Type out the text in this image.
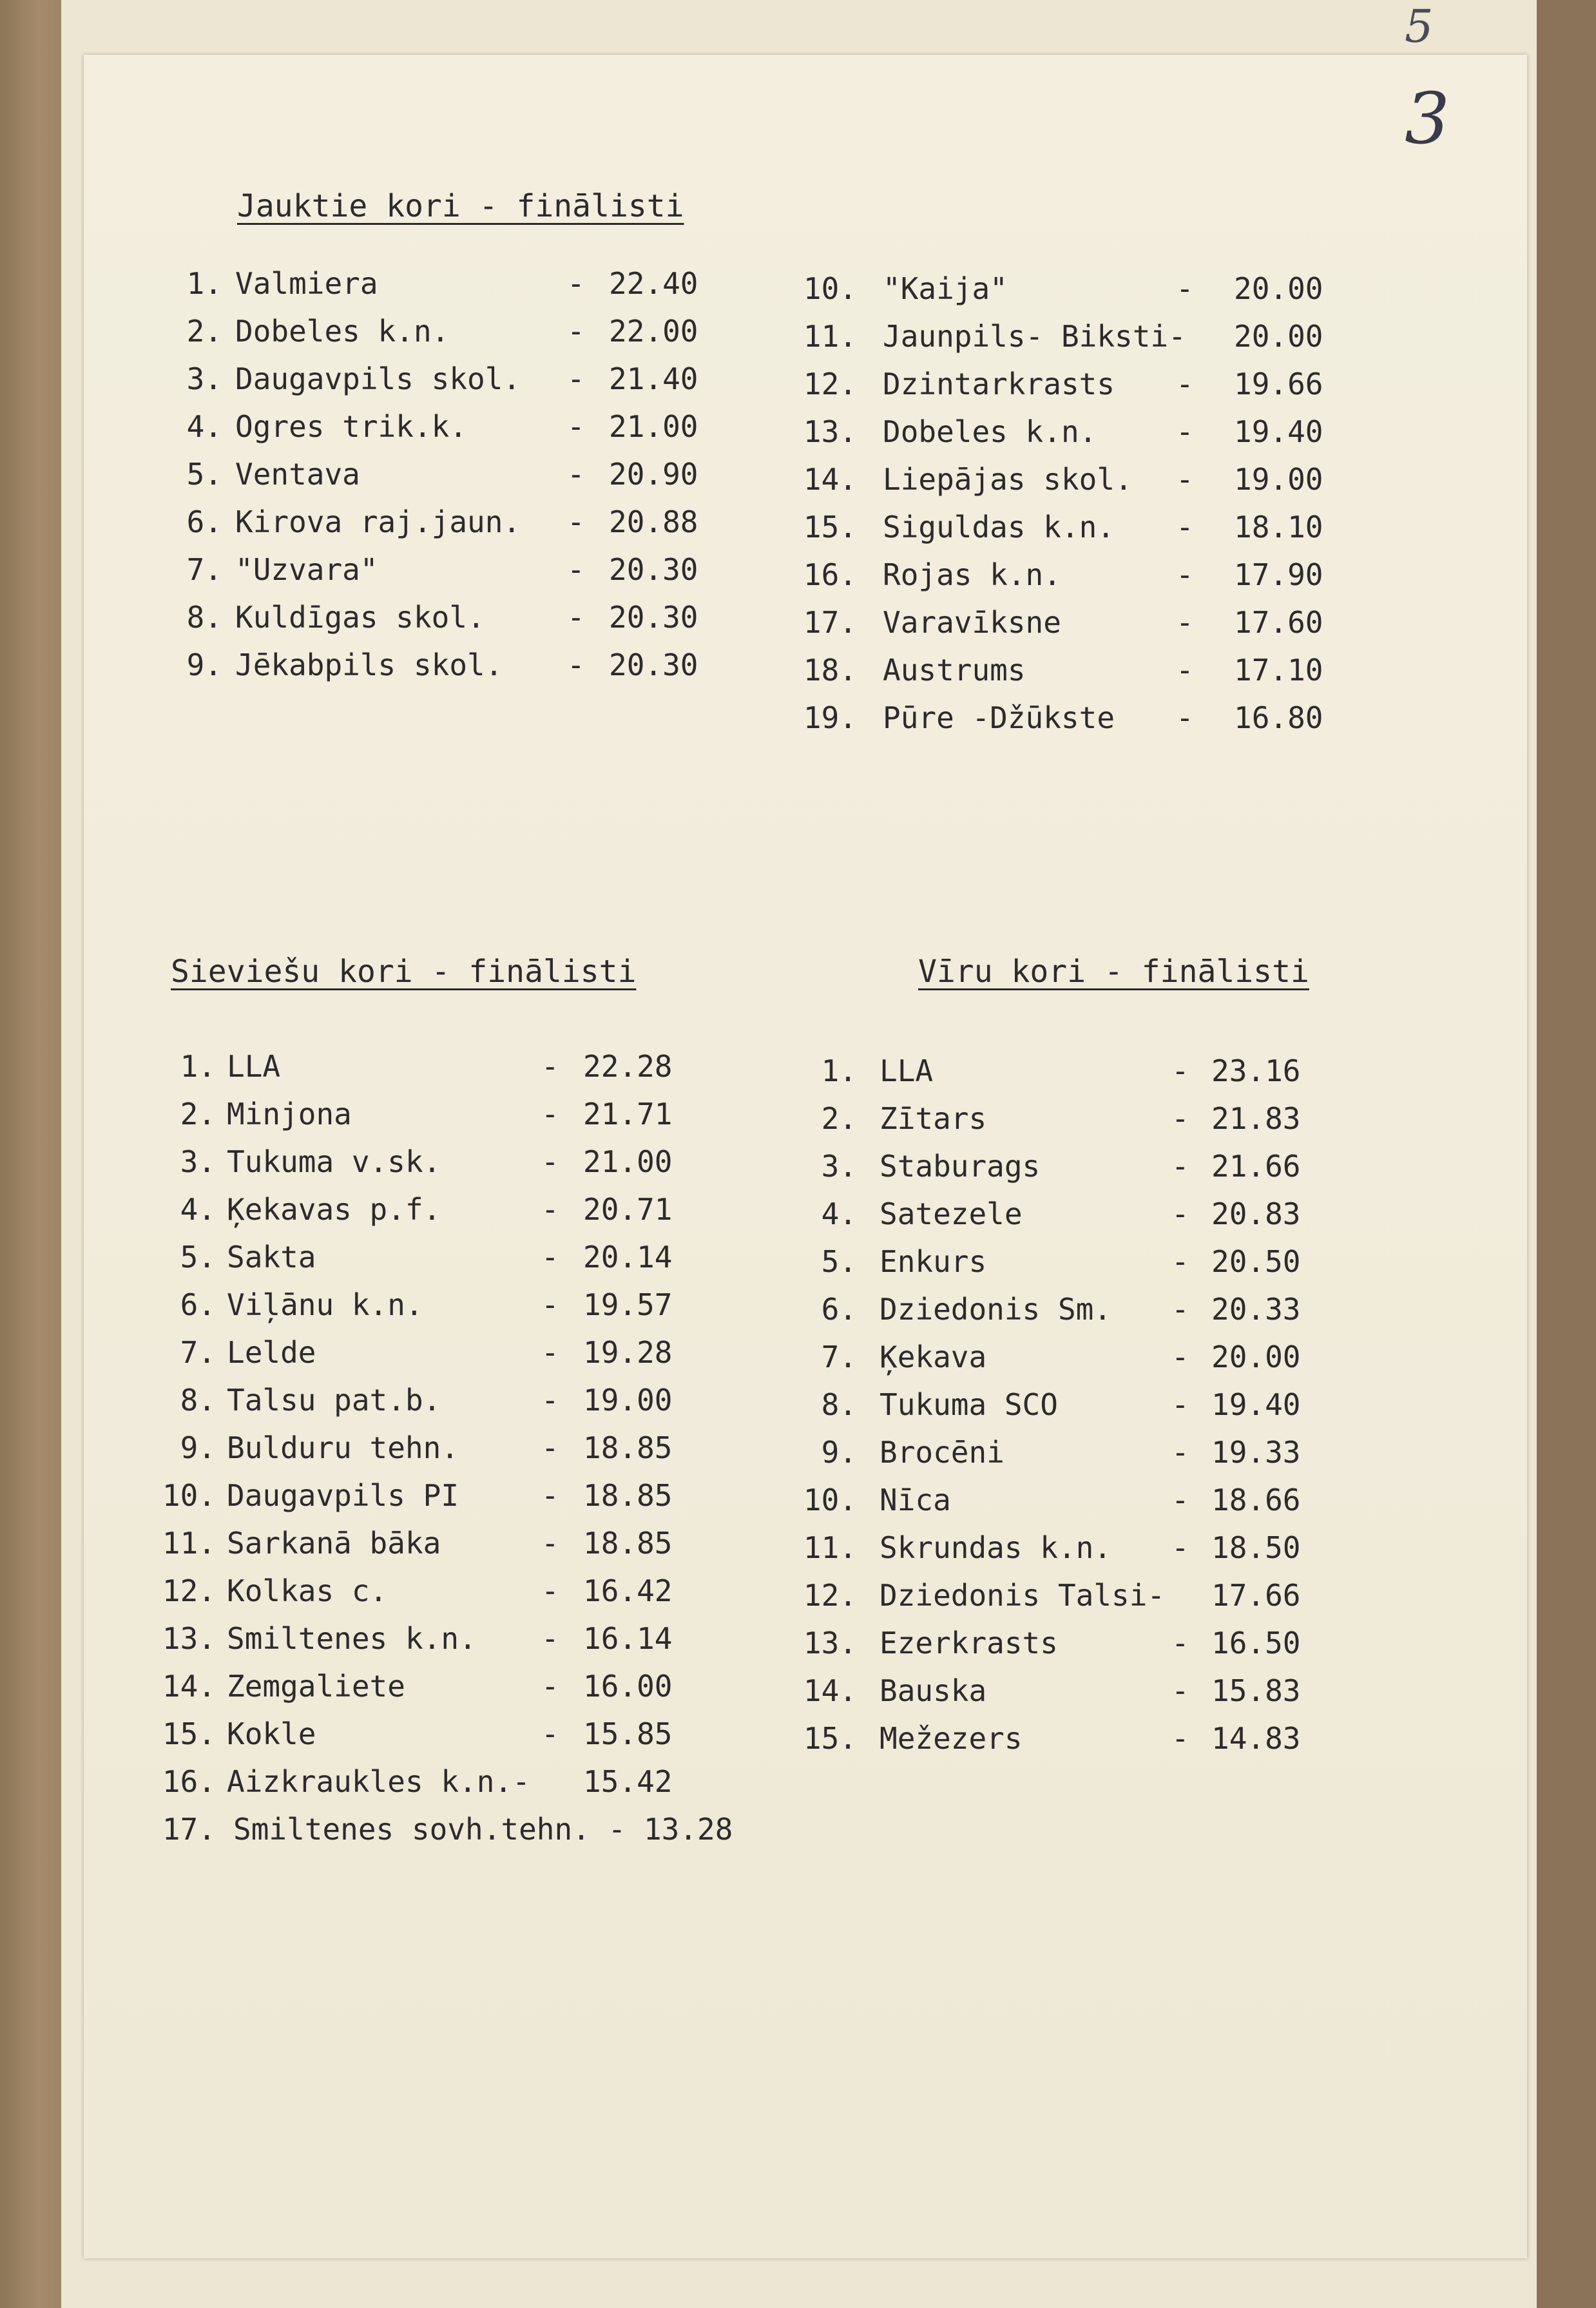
5
3
Jauktie kori - finālisti
Sieviešu kori - finālisti	Vīru kori - finālisti
1. Valmiera	- 22.40
2. Dobeles k.n.	- 22.00
3. Daugavpils skol. - 21.40
4. Ogres trik.k.	- 21.00
5. Ventava	- 20.90
6. Kirova raj.jaun. - 20.88
7. "Uzvara"	- 20.30
8. Kuldīgas skol.	- 20.30
9. Jēkabpils skol. - 20.30
10. "Kaija"	- 20.00
11. Jaunpils- Biksti- 20.00
12. Dzintarkrasts - 19.66
13. Dobeles k.n.	- 19.40
14. Liepājas skol. - 19.00
15. Siguldas k.n. - 18.10
16. Rojas k.n.	- 17.90
17. Varavīksne	- 17.60
18. Austrums	- 17.10
19. Pūre -Džūkste - 16.80
1. LLA	- 22.28
2. Minjona	- 21.71
3. Tukuma v.sk.	- 21.00
4. Ķekavas p.f.	- 20.71
5. Sakta	- 20.14
6. Viļānu k.n.	- 19.57
7. Lelde	- 19.28
8. Talsu pat.b.	- 19.00
9. Bulduru tehn.	- 18.85
10. Daugavpils PI	- 18.85
11. Sarkanā bāka	- 18.85
12. Kolkas c.	- 16.42
13. Smiltenes k.n. - 16.14
14. Zemgaliete	- 16.00
15. Kokle	- 15.85
16. Aizkraukles k.n.- 15.42
1. LLA	- 23.16
2. Zītars	- 21.83
3. Staburags	- 21.66
4. Satezele	- 20.83
5. Enkurs	- 20.50
6. Dziedonis Sm. - 20.33
7. Ķekava	- 20.00
8. Tukuma SCO	- 19.40
9. Brocēni	- 19.33
10. Nīca	- 18.66
11. Skrundas k.n. - 18.50
12. Dziedonis Talsi- 17.66
13. Ezerkrasts	- 16.50
14. Bauska	- 15.83
15. Mežezers	- 14.83
17. Smiltenes sovh.tehn. - 13.28
